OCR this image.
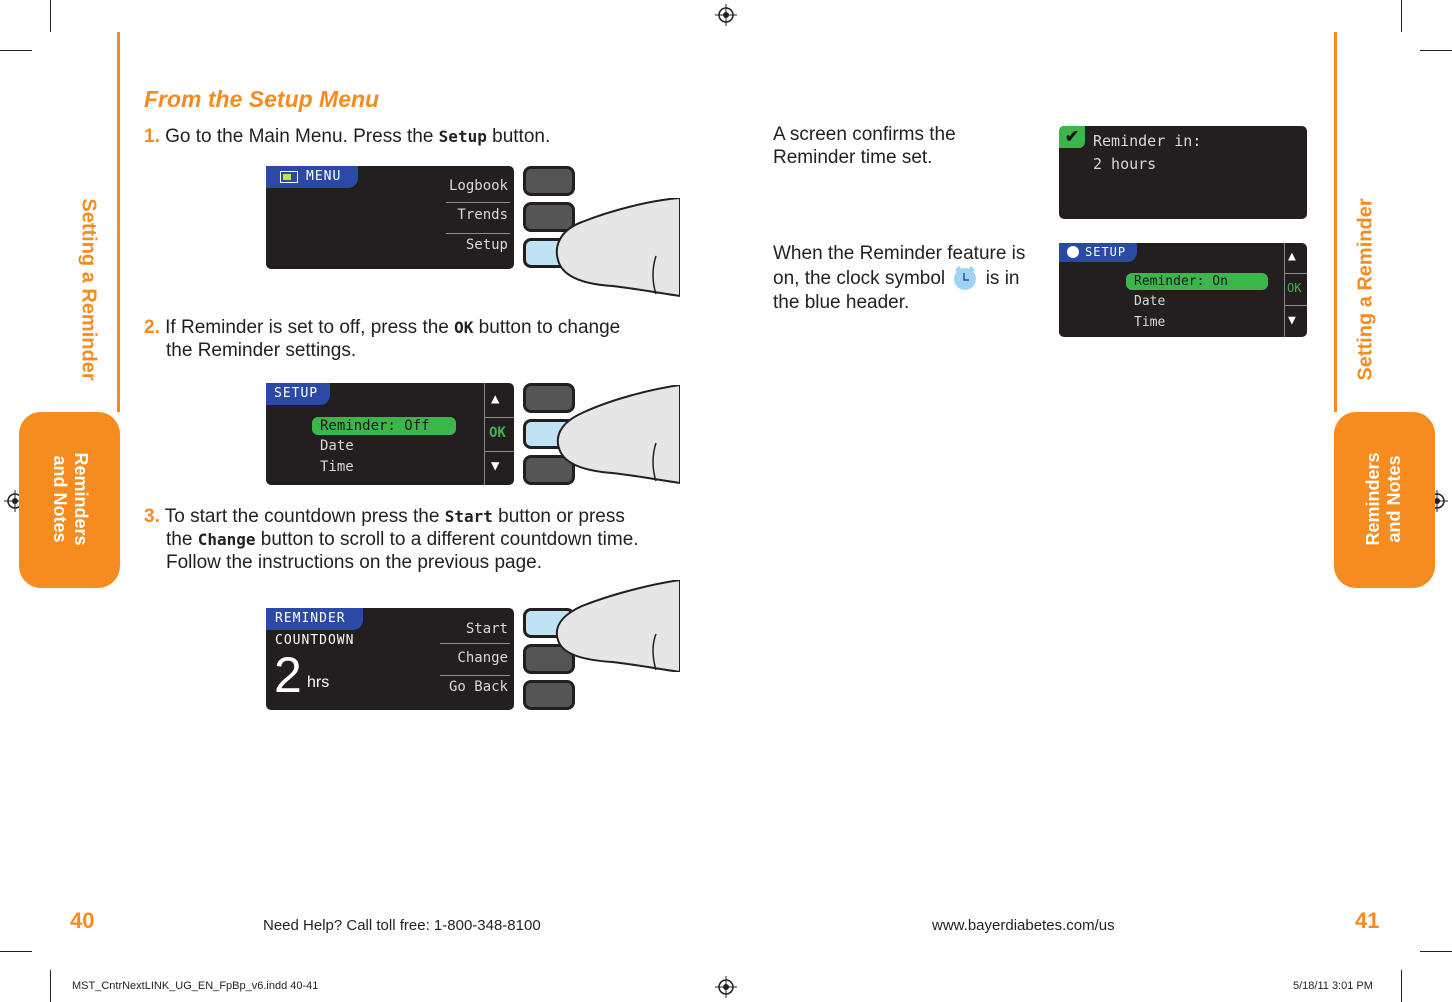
Setting a Reminder
Reminders
and Notes
Setting a Reminder
Reminders and Notes
From the Setup Menu
1. Go to the Main Menu. Press the Setup button.
MENU
Logbook
Trends
Setup
2. If Reminder is set to off, press the OK button to change
the Reminder settings.
SETUP
Reminder: Off
Date
Time
▲
OK
▼
3. To start the countdown press the Start button or press
the Change button to scroll to a different countdown time.
Follow the instructions on the previous page.
REMINDER
COUNTDOWN
2 hrs
Start
Change
Go Back
A screen confirms the
Reminder time set.
✔ Reminder in:
2 hours
When the Reminder feature is
on, the clock symbol is in
the blue header.
SETUP
Reminder: On
Date
Time
▲
OK
▼
40	Need Help? Call toll free: 1-800-348-8100	www.bayerdiabetes.com/us	41
MST_CntrNextLINK_UG_EN_FpBp_v6.indd 40-41	5/18/11 3:01 PM
